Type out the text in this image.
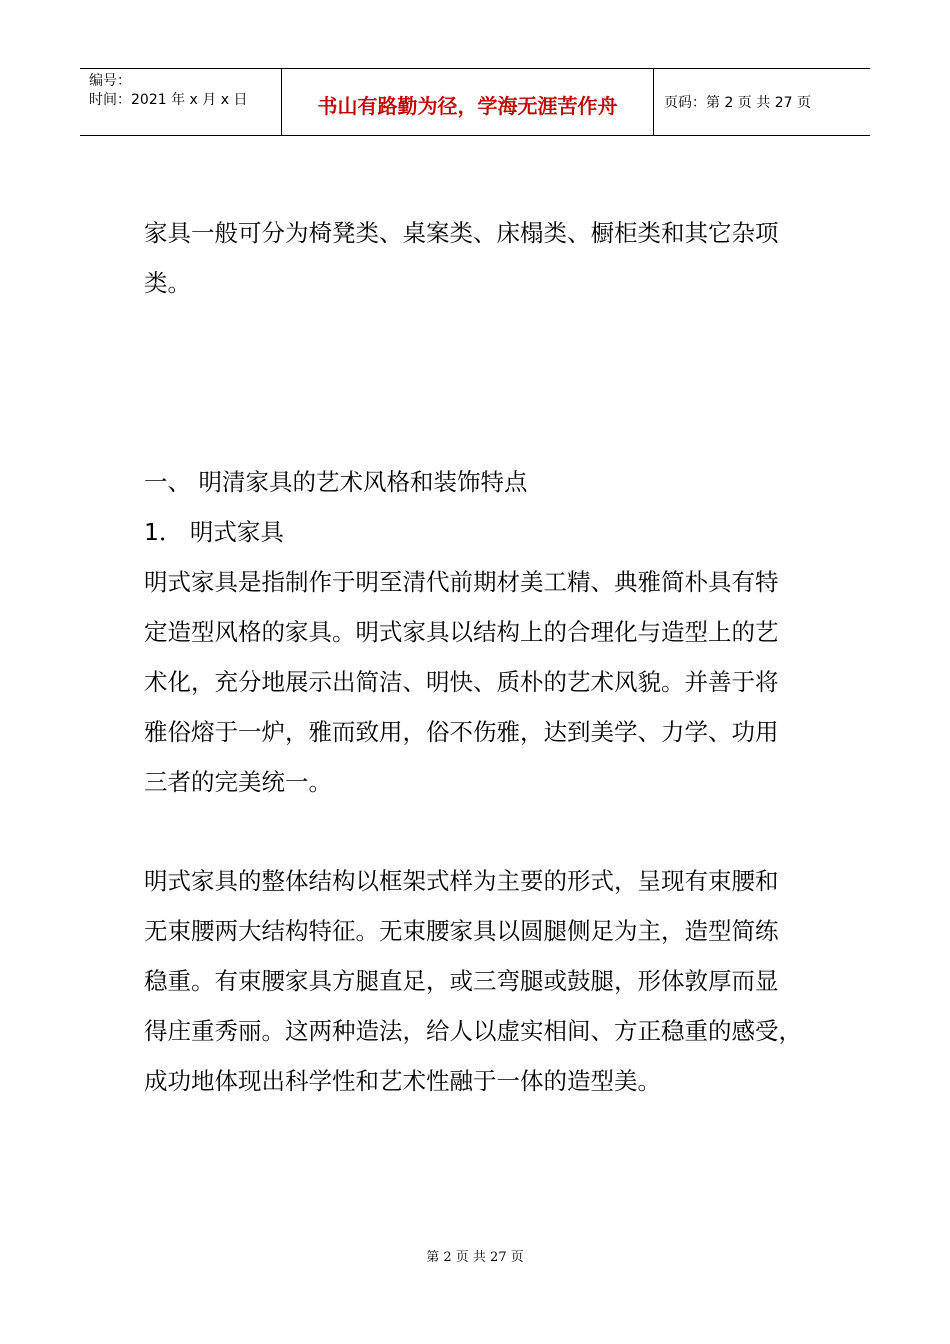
编号：
时间：2021 年 x 月 x 日	书山有路勤为径，学海无涯苦作舟	页码：第 2 页 共 27 页

家具一般可分为椅凳类、桌案类、床榻类、橱柜类和其它杂项

类。

一、 明清家具的艺术风格和装饰特点

1． 明式家具

明式家具是指制作于明至清代前期材美工精、典雅简朴具有特

定造型风格的家具。明式家具以结构上的合理化与造型上的艺

术化，充分地展示出简洁、明快、质朴的艺术风貌。并善于将

雅俗熔于一炉，雅而致用，俗不伤雅，达到美学、力学、功用

三者的完美统一。

明式家具的整体结构以框架式样为主要的形式，呈现有束腰和

无束腰两大结构特征。无束腰家具以圆腿侧足为主，造型简练

稳重。有束腰家具方腿直足，或三弯腿或鼓腿，形体敦厚而显

得庄重秀丽。这两种造法，给人以虚实相间、方正稳重的感受，

成功地体现出科学性和艺术性融于一体的造型美。

第 2 页 共 27 页
